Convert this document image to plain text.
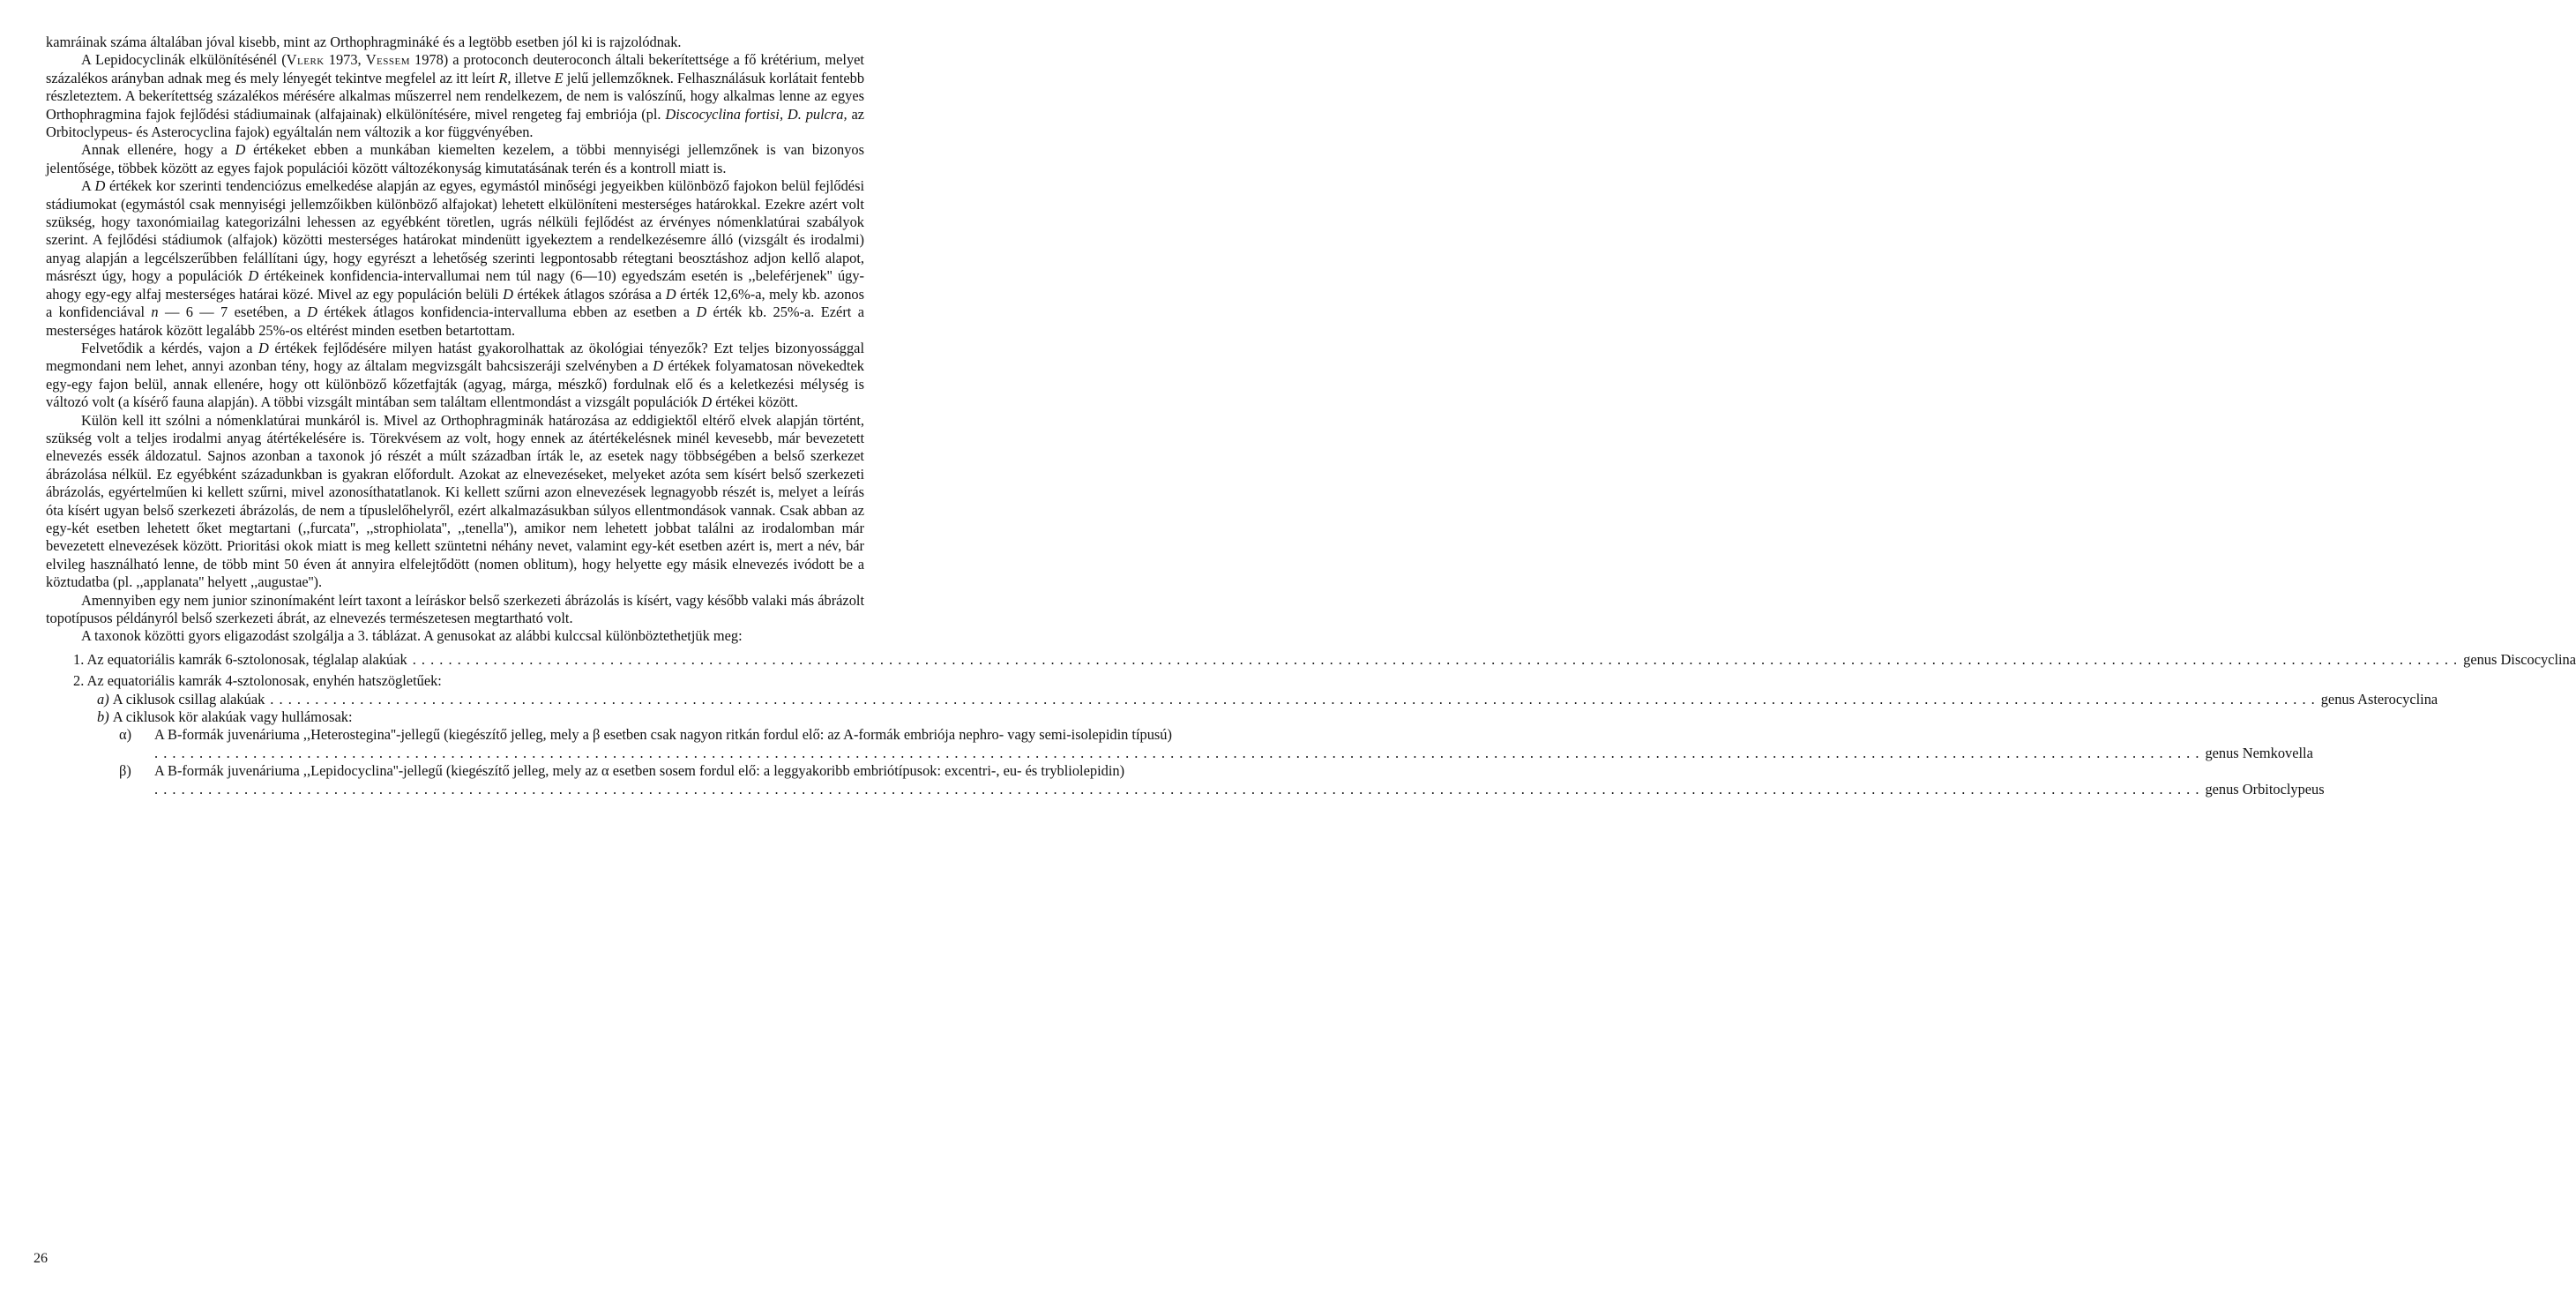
kamráinak száma általában jóval kisebb, mint az Orthophragmináké és a legtöbb esetben jól ki is rajzolódnak.

A Lepidocyclinák elkülönítésénél (Vlerk 1973, Vessem 1978) a protoconch deuteroconch általi bekerítettsége a fő krétérium, melyet százalékos arányban adnak meg és mely lényegét tekintve megfelel az itt leírt R, illetve E jelű jellemzőknek. Felhasználásuk korlátait fentebb részleteztem. A bekerítettség százalékos mérésére alkalmas műszerrel nem rendelkezem, de nem is valószínű, hogy alkalmas lenne az egyes Orthophragmina fajok fejlődési stádiumainak (alfajainak) elkülönítésére, mivel rengeteg faj embriója (pl. Discocyclina fortisi, D. pulcra, az Orbitoclypeus- és Asterocyclina fajok) egyáltalán nem változik a kor függvényében.

Annak ellenére, hogy a D értékeket ebben a munkában kiemelten kezelem, a többi mennyiségi jellemzőnek is van bizonyos jelentősége, többek között az egyes fajok populációi között változékonyság kimutatásának terén és a kontroll miatt is.

A D értékek kor szerinti tendenciózus emelkedése alapján az egyes, egymástól minőségi jegyeikben különböző fajokon belül fejlődési stádiumokat (egymástól csak mennyiségi jellemzőikben különböző alfajokat) lehetett elkülöníteni mesterséges határokkal. Ezekre azért volt szükség, hogy taxonómiailag kategorizálni lehessen az egyébként töretlen, ugrás nélküli fejlődést az érvényes nómenklatúrai szabályok szerint. A fejlődési stádiumok (alfajok) közötti mesterséges határokat mindenütt igyekeztem a rendelkezésemre álló (vizsgált és irodalmi) anyag alapján a legcélszerűbben felállítani úgy, hogy egyrészt a lehetőség szerinti legpontosabb rétegtani beosztáshoz adjon kellő alapot, másrészt úgy, hogy a populációk D értékeinek konfidencia-intervallumai nem túl nagy (6—10) egyedszám esetén is ,,beleférjenek'' úgy-ahogy egy-egy alfaj mesterséges határai közé. Mivel az egy populáción belüli D értékek átlagos szórása a D érték 12,6%-a, mely kb. azonos a konfidenciával n — 6 — 7 esetében, a D értékek átlagos konfidencia-intervalluma ebben az esetben a D érték kb. 25%-a. Ezért a mesterséges határok között legalább 25%-os eltérést minden esetben betartottam.

Felvetődik a kérdés, vajon a D értékek fejlődésére milyen hatást gyakorolhattak az ökológiai tényezők? Ezt teljes bizonyossággal megmondani nem lehet, annyi azonban tény, hogy az általam megvizsgált bahcsiszeráji szelvényben a D értékek folyamatosan növekedtek egy-egy fajon belül, annak ellenére, hogy ott különböző kőzetfajták (agyag, márga, mészkő) fordulnak elő és a keletkezési mélység is változó volt (a kísérő fauna alapján). A többi vizsgált mintában sem találtam ellentmondást a vizsgált populációk D értékei között.

Külön kell itt szólni a nómenklatúrai munkáról is. Mivel az Orthophragminák határozása az eddigiektől eltérő elvek alapján történt, szükség volt a teljes irodalmi anyag átértékelésére is. Törekvésem az volt, hogy ennek az átértékelésnek minél kevesebb, már bevezetett elnevezés essék áldozatul. Sajnos azonban a taxonok jó részét a múlt században írták le, az esetek nagy többségében a belső szerkezet ábrázolása nélkül. Ez egyébként századunkban is gyakran előfordult. Azokat az elnevezéseket, melyeket azóta sem kísért belső szerkezeti ábrázolás, egyértelműen ki kellett szűrni, mivel azonosíthatatlanok. Ki kellett szűrni azon elnevezések legnagyobb részét is, melyet a leírás óta kísért ugyan belső szerkezeti ábrázolás, de nem a típuslelőhelyről, ezért alkalmazásukban súlyos ellentmondások vannak. Csak abban az egy-két esetben lehetett őket megtartani (,,furcata'', ,,strophiolata'', ,,tenella''), amikor nem lehetett jobbat találni az irodalomban már bevezetett elnevezések között. Prioritási okok miatt is meg kellett szüntetni néhány nevet, valamint egy-két esetben azért is, mert a név, bár elvileg használható lenne, de több mint 50 éven át annyira elfelejtődött (nomen oblitum), hogy helyette egy másik elnevezés ivódott be a köztudatba (pl. ,,applanata'' helyett ,,augustae'').

Amennyiben egy nem junior szinonímaként leírt taxont a leíráskor belső szerkezeti ábrázolás is kísért, vagy később valaki más ábrázolt topotípusos példányról belső szerkezeti ábrát, az elnevezés természetesen megtartható volt.

A taxonok közötti gyors eligazodást szolgálja a 3. táblázat. A genusokat az alábbi kulccsal különböztethetjük meg:

1. Az equatoriális kamrák 6-sztolonosak, téglalap alakúak . . .	genus Discocyclina
2. Az equatoriális kamrák 4-sztolonosak, enyhén hatszögletűek:
a)
A ciklusok csillag alakúak . . .	genus Asterocyclina
b) A ciklusok kör alakúak vagy hullámosak:
α)	A B-formák juvenáriuma ,,Heterostegina''-jellegű (kiegészítő jelleg, mely a β esetben csak nagyon ritkán fordul elő: az A-formák embriója nephro- vagy semi-isolepidin típusú)
. . .
genus Nemkovella
β)	A B-formák juvenáriuma ,,Lepidocyclina''-jellegű (kiegészítő jelleg, mely az α esetben sosem fordul elő: a leggyakoribb embriótípusok: excentri-, eu- és trybliolepidin)
. . .
genus Orbitoclypeus
26
